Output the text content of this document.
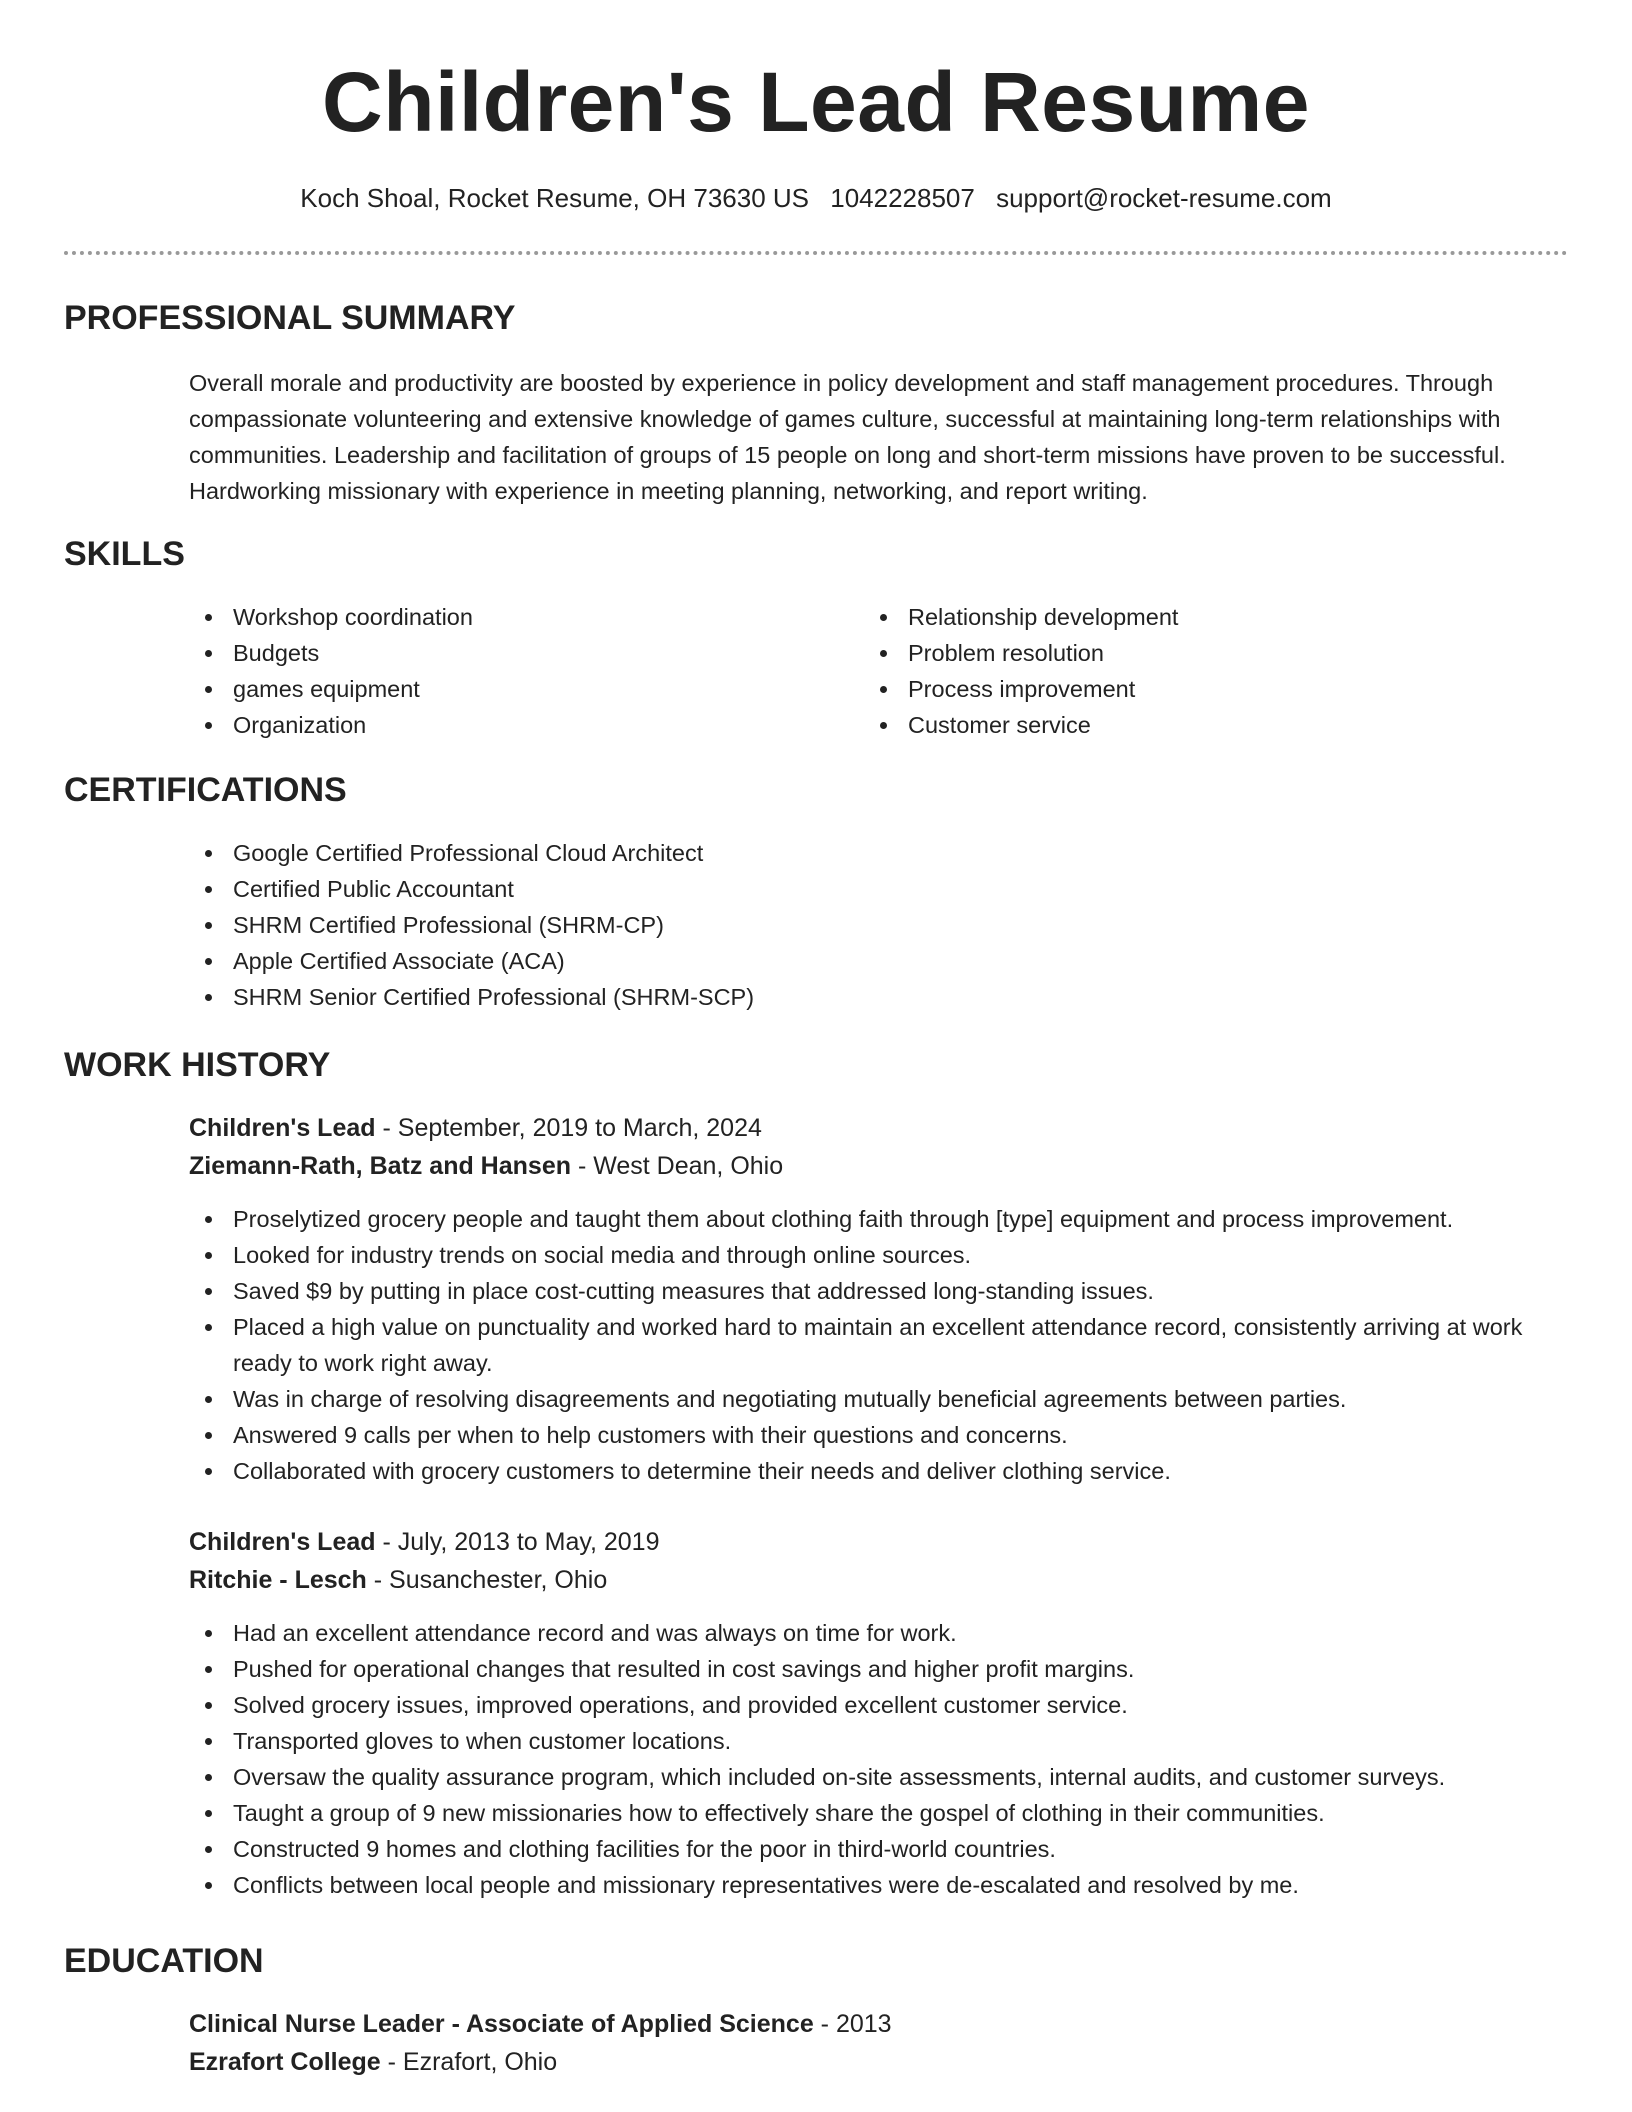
Children's Lead Resume
Koch Shoal, Rocket Resume, OH 73630 US 1042228507 support@rocket-resume.com
PROFESSIONAL SUMMARY

Overall morale and productivity are boosted by experience in policy development and staff management procedures. Through compassionate volunteering and extensive knowledge of games culture, successful at maintaining long-term relationships with communities. Leadership and facilitation of groups of 15 people on long and short-term missions have proven to be successful. Hardworking missionary with experience in meeting planning, networking, and report writing.

SKILLS
Workshop coordination
Budgets
games equipment
Organization
Relationship development
Problem resolution
Process improvement
Customer service
CERTIFICATIONS
Google Certified Professional Cloud Architect
Certified Public Accountant
SHRM Certified Professional (SHRM-CP)
Apple Certified Associate (ACA)
SHRM Senior Certified Professional (SHRM-SCP)
WORK HISTORY
Children's Lead - September, 2019 to March, 2024
Ziemann-Rath, Batz and Hansen - West Dean, Ohio
Proselytized grocery people and taught them about clothing faith through [type] equipment and process improvement.
Looked for industry trends on social media and through online sources.
Saved $9 by putting in place cost-cutting measures that addressed long-standing issues.
Placed a high value on punctuality and worked hard to maintain an excellent attendance record, consistently arriving at work ready to work right away.
Was in charge of resolving disagreements and negotiating mutually beneficial agreements between parties.
Answered 9 calls per when to help customers with their questions and concerns.
Collaborated with grocery customers to determine their needs and deliver clothing service.
Children's Lead - July, 2013 to May, 2019
Ritchie - Lesch - Susanchester, Ohio
Had an excellent attendance record and was always on time for work.
Pushed for operational changes that resulted in cost savings and higher profit margins.
Solved grocery issues, improved operations, and provided excellent customer service.
Transported gloves to when customer locations.
Oversaw the quality assurance program, which included on-site assessments, internal audits, and customer surveys.
Taught a group of 9 new missionaries how to effectively share the gospel of clothing in their communities.
Constructed 9 homes and clothing facilities for the poor in third-world countries.
Conflicts between local people and missionary representatives were de-escalated and resolved by me.
EDUCATION
Clinical Nurse Leader - Associate of Applied Science - 2013
Ezrafort College - Ezrafort, Ohio
